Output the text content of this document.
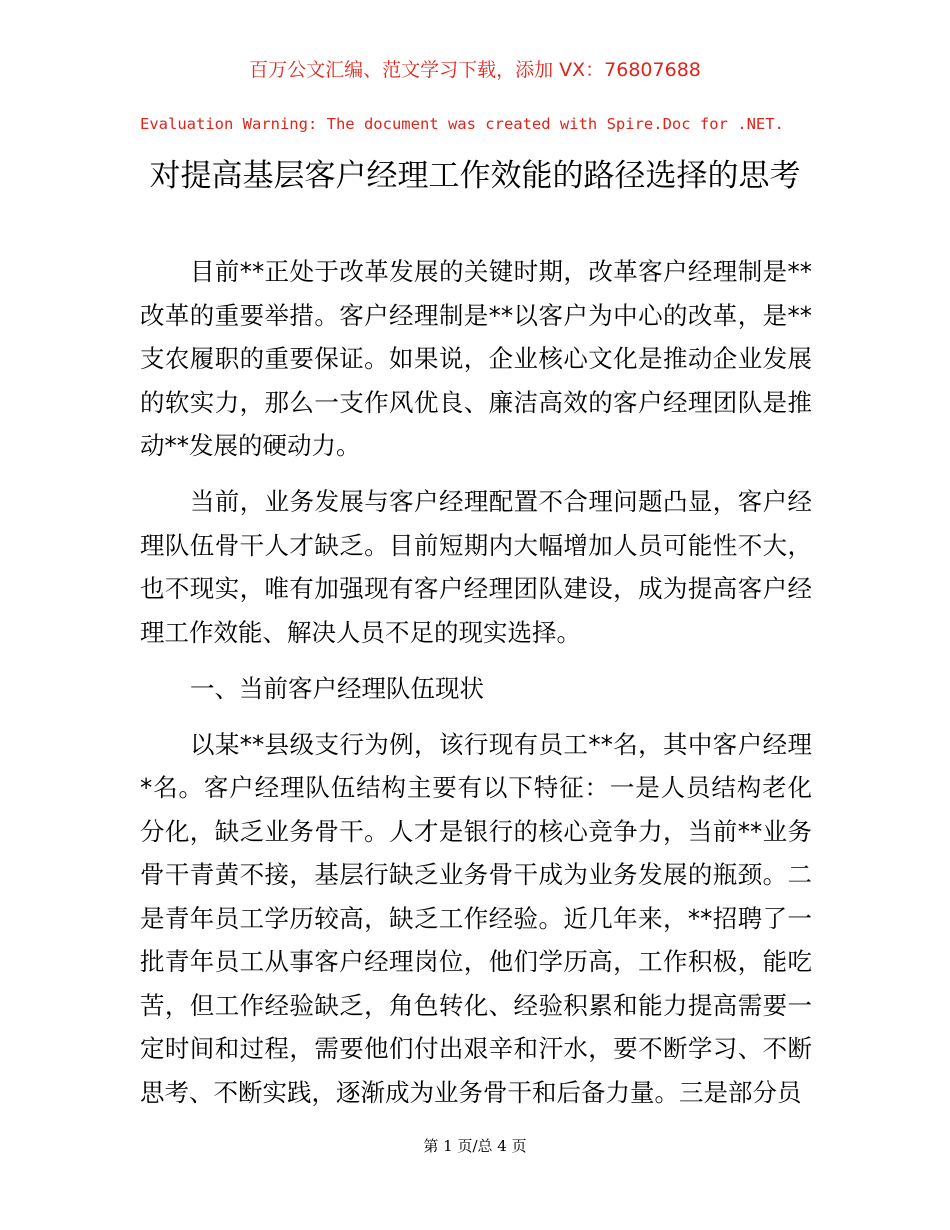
百万公文汇编、范文学习下载，添加 VX：76807688
Evaluation Warning: The document was created with Spire.Doc for .NET.
对提高基层客户经理工作效能的路径选择的思考

目前**正处于改革发展的关键时期，改革客户经理制是**改革的重要举措。客户经理制是**以客户为中心的改革，是**支农履职的重要保证。如果说，企业核心文化是推动企业发展的软实力，那么一支作风优良、廉洁高效的客户经理团队是推动**发展的硬动力。

当前，业务发展与客户经理配置不合理问题凸显，客户经理队伍骨干人才缺乏。目前短期内大幅增加人员可能性不大，也不现实，唯有加强现有客户经理团队建设，成为提高客户经理工作效能、解决人员不足的现实选择。

一、当前客户经理队伍现状

以某**县级支行为例，该行现有员工**名，其中客户经理*名。客户经理队伍结构主要有以下特征：一是人员结构老化分化，缺乏业务骨干。人才是银行的核心竞争力，当前**业务骨干青黄不接，基层行缺乏业务骨干成为业务发展的瓶颈。二是青年员工学历较高，缺乏工作经验。近几年来，**招聘了一批青年员工从事客户经理岗位，他们学历高，工作积极，能吃苦，但工作经验缺乏，角色转化、经验积累和能力提高需要一定时间和过程，需要他们付出艰辛和汗水，要不断学习、不断思考、不断实践，逐渐成为业务骨干和后备力量。三是部分员

第 1 页/总 4 页
